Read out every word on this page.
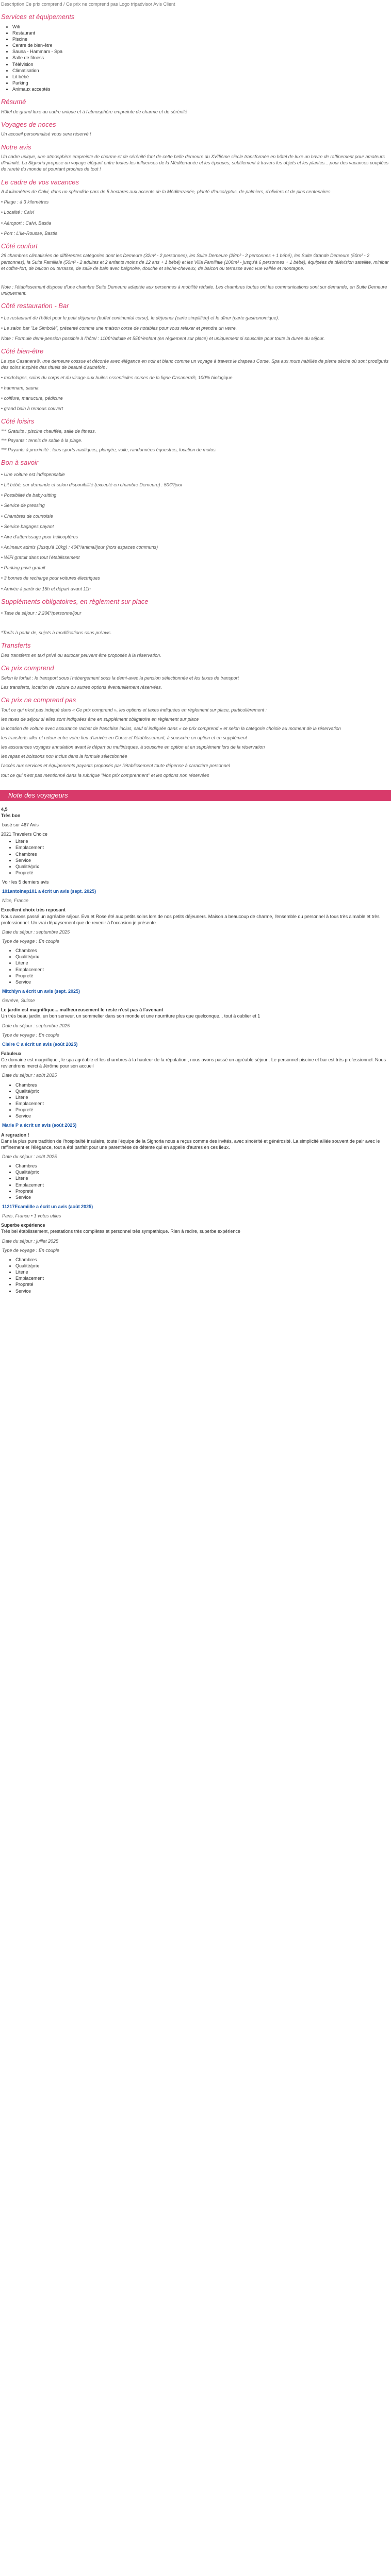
Description Ce prix comprend / Ce prix ne comprend pas Logo tripadvisor Avis Client
Services et équipements
• Wifi
• Restaurant
• Piscine
• Centre de bien-être
• Sauna - Hammam - Spa
• Salle de fitness
• Télévision
• Climatisation
• Lit bébé
• Parking
• Animaux acceptés
Résumé

Hôtel de grand luxe au cadre unique et à l'atmosphère empreinte de charme et de sérénité

Voyages de noces

Un accueil personnalisé vous sera réservé !

Notre avis

Un cadre unique, une atmosphère empreinte de charme et de sérénité font de cette belle demeure du XVIIième siècle transformée en hôtel de luxe un havre de raffinement pour amateurs d'intimité. La Signoria propose un voyage élégant entre toutes les influences de la Méditerranée et les époques, subtilement à travers les objets et les plantes... pour des vacances couplées de rareté du monde et pourtant proches de tout !

Le cadre de vos vacances

A 4 kilomètres de Calvi, dans un splendide parc de 5 hectares aux accents de la Méditerranée, planté d'eucalyptus, de palmiers, d'oliviers et de pins centenaires.

• Plage : à 3 kilomètres
• Localité : Calvi
• Aéroport : Calvi, Bastia
• Port : L'Ile-Rousse, Bastia
Côté confort

29 chambres climatisées de différentes catégories dont les Demeure (32m² - 2 personnes), les Suite Demeure (28m² - 2 personnes + 1 bébé), les Suite Grande Demeure (50m² - 2 personnes), la Suite Familiale (50m² - 2 adultes et 2 enfants moins de 12 ans + 1 bébé) et les Villa Familiale (100m² - jusqu'à 6 personnes + 1 bébé), équipées de télévision satellite, minibar et coffre-fort, de balcon ou terrasse, de salle de bain avec baignoire, douche et sèche-cheveux, de balcon ou terrasse avec vue vallée et montagne.

Note : l'établissement dispose d'une chambre Suite Demeure adaptée aux personnes à mobilité réduite. Les chambres toutes ont les communications sont sur demande, en Suite Demeure uniquement.

Côté restauration - Bar
• Le restaurant de l'hôtel pour le petit déjeuner (buffet continental corse), le déjeuner (carte simplifiée) et le dîner (carte gastronomique).
• Le salon bar "Le Simbolè", présenté comme une maison corse de notables pour vous relaxer et prendre un verre.

Note : Formule demi-pension possible à l'hôtel : 110€*/adulte et 55€*/enfant (en règlement sur place) et uniquement si souscrite pour toute la durée du séjour.

Côté bien-être

Le spa Casanera®, une demeure cossue et décorée avec élégance en noir et blanc comme un voyage à travers le drapeau Corse. Spa aux murs habillés de pierre sèche où sont prodigués des soins inspirés des rituels de beauté d'autrefois :

• modelages, soins du corps et du visage aux huiles essentielles corses de la ligne Casanera®, 100% biologique
• hammam, sauna
• coiffure, manucure, pédicure
• grand bain à remous couvert
Côté loisirs

*** Gratuits : piscine chauffée, salle de fitness.

*** Payants : tennis de sable à la plage.

*** Payants à proximité : tous sports nautiques, plongée, voile, randonnées équestres, location de motos.

Bon à savoir
• Une voiture est indispensable
• Lit bébé, sur demande et selon disponibilité (excepté en chambre Demeure) : 50€*/jour
• Possibilité de baby-sitting
• Service de pressing
• Chambres de courtoisie
• Service bagages payant
• Aire d'atterrissage pour hélicoptères
• Animaux admis (Jusqu'à 10kg) : 40€*/animal/jour (hors espaces communs)
• WiFi gratuit dans tout l'établissement
• Parking privé gratuit
• 3 bornes de recharge pour voitures électriques
• Arrivée à partir de 15h et départ avant 11h
Suppléments obligatoires, en règlement sur place
• Taxe de séjour : 2,20€*/personne/jour

*Tarifs à partir de, sujets à modifications sans préavis.

Transferts

Des transferts en taxi privé ou autocar peuvent être proposés à la réservation.

Ce prix comprend

Selon le forfait : le transport sous l'hébergement sous la demi-avec la pension sélectionnée et les taxes de transport

Les transferts, location de voiture ou autres options éventuellement réservées.

Ce prix ne comprend pas

Tout ce qui n'est pas indiqué dans « Ce prix comprend », les options et taxes indiquées en règlement sur place, particulièrement :

les taxes de séjour si elles sont indiquées être en supplément obligatoire en règlement sur place

la location de voiture avec assurance rachat de franchise inclus, sauf si indiquée dans « ce prix comprend » et selon la catégorie choisie au moment de la réservation

les transferts aller et retour entre votre lieu d'arrivée en Corse et l'établissement, à souscrire en option et en supplément

les assurances voyages annulation avant le départ ou multirisques, à souscrire en option et en supplément lors de la réservation

les repas et boissons non inclus dans la formule sélectionnée

l'accès aux services et équipements payants proposés par l'établissement toute dépense à caractère personnel

tout ce qui n'est pas mentionné dans la rubrique "Nos prix comprennent" et les options non réservées

Note des voyageurs
4,5
Très bon
basé sur 467 Avis
2021 Travelers Choice
• Literie
• Emplacement
• Chambres
• Service
• Qualité/prix
• Propreté
Voir les 5 derniers avis
101antoinep101 a écrit un avis (sept. 2025)
Nice, France
Excellent choix très reposant
Nous avons passé un agréable séjour. Eva et Rose été aux petits soins lors de nos petits déjeuners. Maison a beaucoup de charme, l'ensemble du personnel à tous très aimable et très professionnel. Un vrai dépaysement que de revenir à l'occasion je présente.
Date du séjour : septembre 2025
Type de voyage : En couple
• Chambres
• Qualité/prix
• Literie
• Emplacement
• Propreté
• Service
Mitchlyn a écrit un avis (sept. 2025)
Genève, Suisse
Le jardin est magnifique... malheureusement le reste n'est pas à l'avenant
Un très beau jardin, un bon serveur, un sommelier dans son monde et une nourriture plus que quelconque... tout à oublier et 1
Date du séjour : septembre 2025
Type de voyage : En couple
Claire C a écrit un avis (août 2025)
Fabuleux
Ce domaine est magnifique , le spa agréable et les chambres à la hauteur de la réputation , nous avons passé un agréable séjour . Le personnel piscine et bar est très professionnel. Nous reviendrons merci à Jérôme pour son accueil
Date du séjour : août 2025
• Chambres
• Qualité/prix
• Literie
• Emplacement
• Propreté
• Service
Marie P a écrit un avis (août 2025)
A regrazion !
Dans la plus pure tradition de l'hospitalité insulaire, toute l'équipe de la Signoria nous a reçus comme des invités, avec sincérité et générosité. La simplicité alliée souvent de pair avec le raffinement et l'élégance, tout a été parfait pour une parenthèse de détente qui en appelle d'autres en ces lieux.
Date du séjour : août 2025
• Chambres
• Qualité/prix
• Literie
• Emplacement
• Propreté
• Service
11217Ecamiille a écrit un avis (août 2025)
Paris, France • 1 votes utiles
Superbe expérience
Très bel établissement, prestations très complètes et personnel très sympathique. Rien à redire, superbe expérience
Date du séjour : juillet 2025
Type de voyage : En couple
• Chambres
• Qualité/prix
• Literie
• Emplacement
• Propreté
• Service
